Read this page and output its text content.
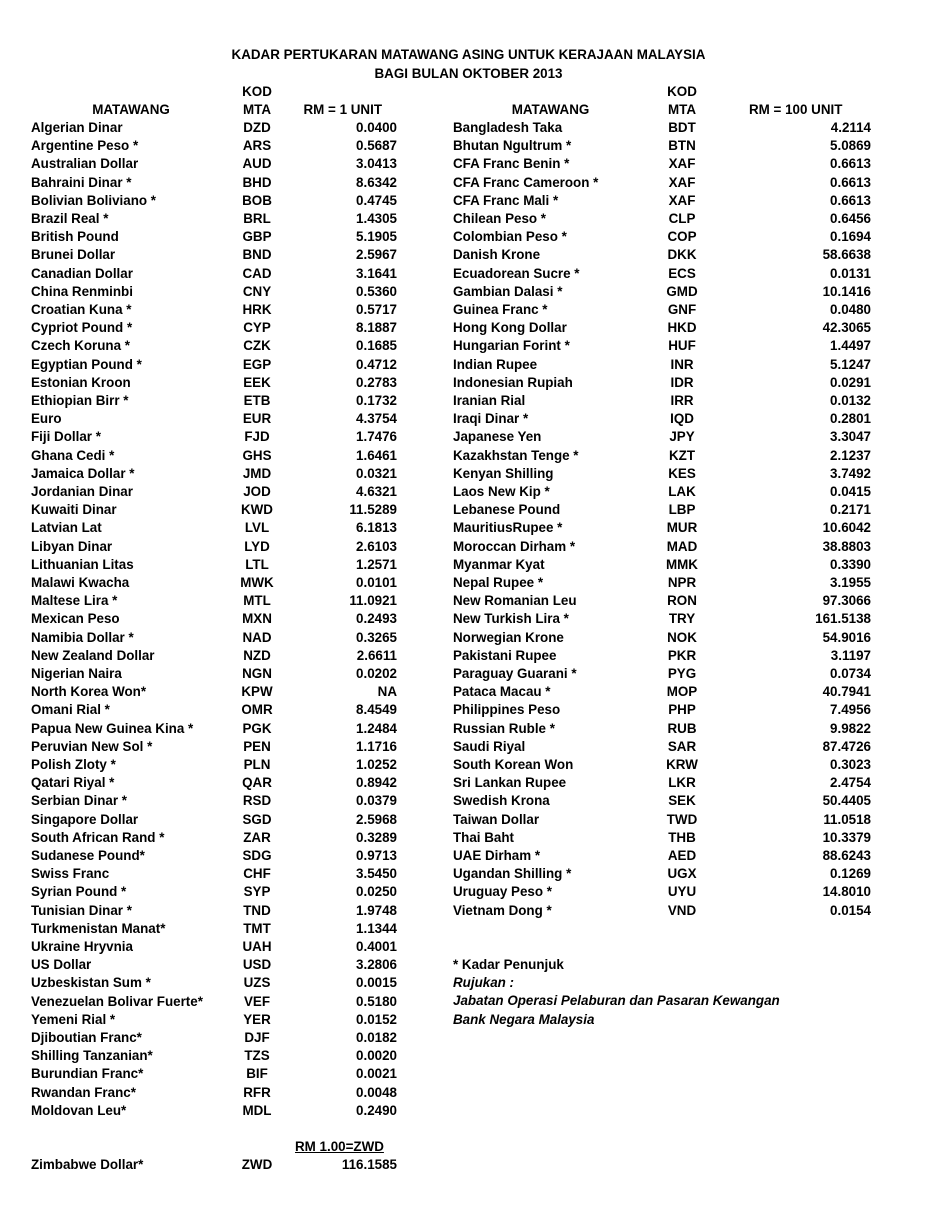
KADAR PERTUKARAN MATAWANG ASING UNTUK KERAJAAN MALAYSIA
BAGI BULAN OKTOBER 2013
KOD
MATAWANG	MTA	RM = 1 UNIT
KOD
MATAWANG	MTA	RM = 100 UNIT
Algerian Dinar	DZD	0.0400
Argentine Peso *	ARS	0.5687
Australian Dollar	AUD	3.0413
Bahraini Dinar *	BHD	8.6342
Bolivian Boliviano *	BOB	0.4745
Brazil Real *	BRL	1.4305
British Pound	GBP	5.1905
Brunei Dollar	BND	2.5967
Canadian Dollar	CAD	3.1641
China Renminbi	CNY	0.5360
Croatian Kuna *	HRK	0.5717
Cypriot Pound *	CYP	8.1887
Czech Koruna *	CZK	0.1685
Egyptian Pound *	EGP	0.4712
Estonian Kroon	EEK	0.2783
Ethiopian Birr *	ETB	0.1732
Euro	EUR	4.3754
Fiji Dollar *	FJD	1.7476
Ghana Cedi *	GHS	1.6461
Jamaica Dollar *	JMD	0.0321
Jordanian Dinar	JOD	4.6321
Kuwaiti Dinar	KWD	11.5289
Latvian Lat	LVL	6.1813
Libyan Dinar	LYD	2.6103
Lithuanian Litas	LTL	1.2571
Malawi Kwacha	MWK	0.0101
Maltese Lira *	MTL	11.0921
Mexican Peso	MXN	0.2493
Namibia Dollar *	NAD	0.3265
New Zealand Dollar	NZD	2.6611
Nigerian Naira	NGN	0.0202
North Korea Won*	KPW	NA
Omani Rial *	OMR	8.4549
Papua New Guinea Kina *	PGK	1.2484
Peruvian New Sol *	PEN	1.1716
Polish Zloty *	PLN	1.0252
Qatari Riyal *	QAR	0.8942
Serbian Dinar *	RSD	0.0379
Singapore Dollar	SGD	2.5968
South African Rand *	ZAR	0.3289
Sudanese Pound*	SDG	0.9713
Swiss Franc	CHF	3.5450
Syrian Pound *	SYP	0.0250
Tunisian Dinar *	TND	1.9748
Turkmenistan Manat*	TMT	1.1344
Ukraine Hryvnia	UAH	0.4001
US Dollar	USD	3.2806
Uzbeskistan Sum *	UZS	0.0015
Venezuelan Bolivar Fuerte*	VEF	0.5180
Yemeni Rial *	YER	0.0152
Djiboutian Franc*	DJF	0.0182
Shilling Tanzanian*	TZS	0.0020
Burundian Franc*	BIF	0.0021
Rwandan Franc*	RFR	0.0048
Moldovan Leu*	MDL	0.2490
Bangladesh Taka	BDT	4.2114
Bhutan Ngultrum *	BTN	5.0869
CFA Franc Benin *	XAF	0.6613
CFA Franc Cameroon *	XAF	0.6613
CFA Franc Mali *	XAF	0.6613
Chilean Peso *	CLP	0.6456
Colombian Peso *	COP	0.1694
Danish Krone	DKK	58.6638
Ecuadorean Sucre *	ECS	0.0131
Gambian Dalasi *	GMD	10.1416
Guinea Franc *	GNF	0.0480
Hong Kong Dollar	HKD	42.3065
Hungarian Forint *	HUF	1.4497
Indian Rupee	INR	5.1247
Indonesian Rupiah	IDR	0.0291
Iranian Rial	IRR	0.0132
Iraqi Dinar *	IQD	0.2801
Japanese Yen	JPY	3.3047
Kazakhstan Tenge *	KZT	2.1237
Kenyan Shilling	KES	3.7492
Laos New Kip *	LAK	0.0415
Lebanese Pound	LBP	0.2171
MauritiusRupee *	MUR	10.6042
Moroccan Dirham *	MAD	38.8803
Myanmar Kyat	MMK	0.3390
Nepal Rupee *	NPR	3.1955
New Romanian Leu	RON	97.3066
New Turkish Lira *	TRY	161.5138
Norwegian Krone	NOK	54.9016
Pakistani Rupee	PKR	3.1197
Paraguay Guarani *	PYG	0.0734
Pataca Macau *	MOP	40.7941
Philippines Peso	PHP	7.4956
Russian Ruble *	RUB	9.9822
Saudi Riyal	SAR	87.4726
South Korean Won	KRW	0.3023
Sri Lankan Rupee	LKR	2.4754
Swedish Krona	SEK	50.4405
Taiwan Dollar	TWD	11.0518
Thai Baht	THB	10.3379
UAE Dirham *	AED	88.6243
Ugandan Shilling *	UGX	0.1269
Uruguay Peso *	UYU	14.8010
Vietnam Dong *	VND	0.0154
* Kadar Penunjuk
Rujukan :
Jabatan Operasi Pelaburan dan Pasaran Kewangan
Bank Negara Malaysia
RM 1.00=ZWD
Zimbabwe Dollar*	ZWD	116.1585
